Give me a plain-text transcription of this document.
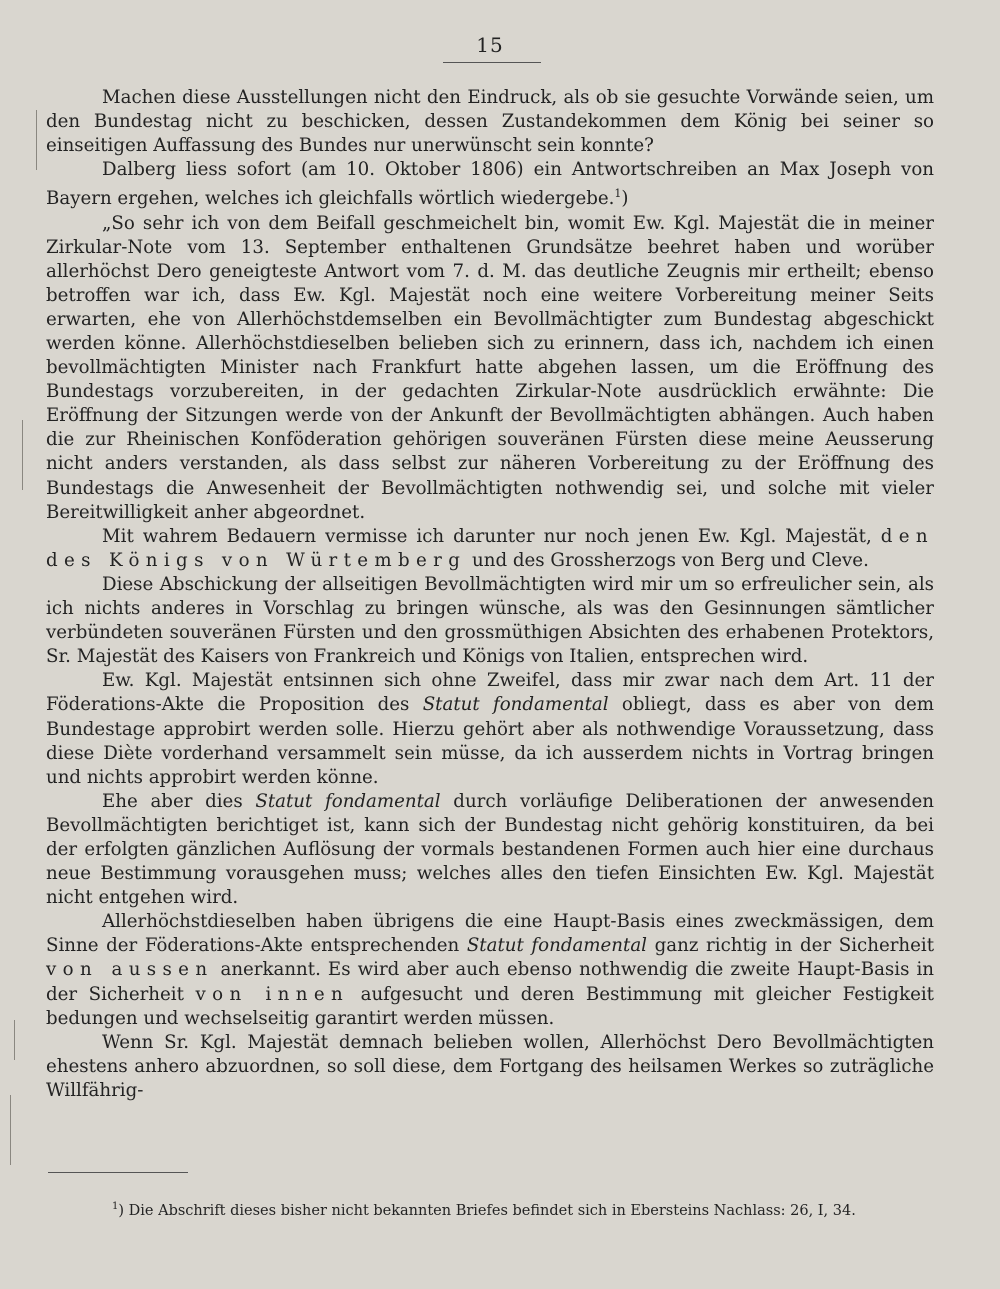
15

Machen diese Ausstellungen nicht den Eindruck, als ob sie gesuchte Vorwände seien, um den Bundestag nicht zu beschicken, dessen Zustandekommen dem König bei seiner so einseitigen Auffassung des Bundes nur unerwünscht sein konnte?

Dalberg liess sofort (am 10. Oktober 1806) ein Antwortschreiben an Max Joseph von Bayern ergehen, welches ich gleichfalls wörtlich wiedergebe.$^1$)

„So sehr ich von dem Beifall geschmeichelt bin, womit Ew. Kgl. Majestät die in meiner Zirkular-Note vom 13. September enthaltenen Grundsätze beehret haben und worüber allerhöchst Dero geneigteste Antwort vom 7. d. M. das deutliche Zeugnis mir ertheilt; ebenso betroffen war ich, dass Ew. Kgl. Majestät noch eine weitere Vorbereitung meiner Seits erwarten, ehe von Allerhöchstdemselben ein Bevollmächtigter zum Bundestag abgeschickt werden könne. Allerhöchstdieselben belieben sich zu erinnern, dass ich, nachdem ich einen bevollmächtigten Minister nach Frankfurt hatte abgehen lassen, um die Eröffnung des Bundestags vorzubereiten, in der gedachten Zirkular-Note ausdrücklich erwähnte: Die Eröffnung der Sitzungen werde von der Ankunft der Bevollmächtigten abhängen. Auch haben die zur Rheinischen Konföderation gehörigen souveränen Fürsten diese meine Aeusserung nicht anders verstanden, als dass selbst zur näheren Vorbereitung zu der Eröffnung des Bundestags die Anwesenheit der Bevollmächtigten nothwendig sei, und solche mit vieler Bereitwilligkeit anher abgeordnet.

Mit wahrem Bedauern vermisse ich darunter nur noch jenen Ew. Kgl. Majestät, den des Königs von Würtemberg und des Grossherzogs von Berg und Cleve.

Diese Abschickung der allseitigen Bevollmächtigten wird mir um so erfreulicher sein, als ich nichts anderes in Vorschlag zu bringen wünsche, als was den Gesinnungen sämtlicher verbündeten souveränen Fürsten und den grossmüthigen Absichten des erhabenen Protektors, Sr. Majestät des Kaisers von Frankreich und Königs von Italien, entsprechen wird.

Ew. Kgl. Majestät entsinnen sich ohne Zweifel, dass mir zwar nach dem Art. 11 der Föderations-Akte die Proposition des Statut fondamental obliegt, dass es aber von dem Bundestage approbirt werden solle. Hierzu gehört aber als nothwendige Voraussetzung, dass diese Diète vorderhand versammelt sein müsse, da ich ausserdem nichts in Vortrag bringen und nichts approbirt werden könne.

Ehe aber dies Statut fondamental durch vorläufige Deliberationen der anwesenden Bevollmächtigten berichtiget ist, kann sich der Bundestag nicht gehörig konstituiren, da bei der erfolgten gänzlichen Auflösung der vormals bestandenen Formen auch hier eine durchaus neue Bestimmung vorausgehen muss; welches alles den tiefen Einsichten Ew. Kgl. Majestät nicht entgehen wird.

Allerhöchstdieselben haben übrigens die eine Haupt-Basis eines zweckmässigen, dem Sinne der Föderations-Akte entsprechenden Statut fondamental ganz richtig in der Sicherheit von aussen anerkannt. Es wird aber auch ebenso nothwendig die zweite Haupt-Basis in der Sicherheit von innen aufgesucht und deren Bestimmung mit gleicher Festigkeit bedungen und wechselseitig garantirt werden müssen.

Wenn Sr. Kgl. Majestät demnach belieben wollen, Allerhöchst Dero Bevollmächtigten ehestens anhero abzuordnen, so soll diese, dem Fortgang des heilsamen Werkes so zuträgliche Willfährig-

$^1$) Die Abschrift dieses bisher nicht bekannten Briefes befindet sich in Ebersteins Nachlass: 26, I, 34.
